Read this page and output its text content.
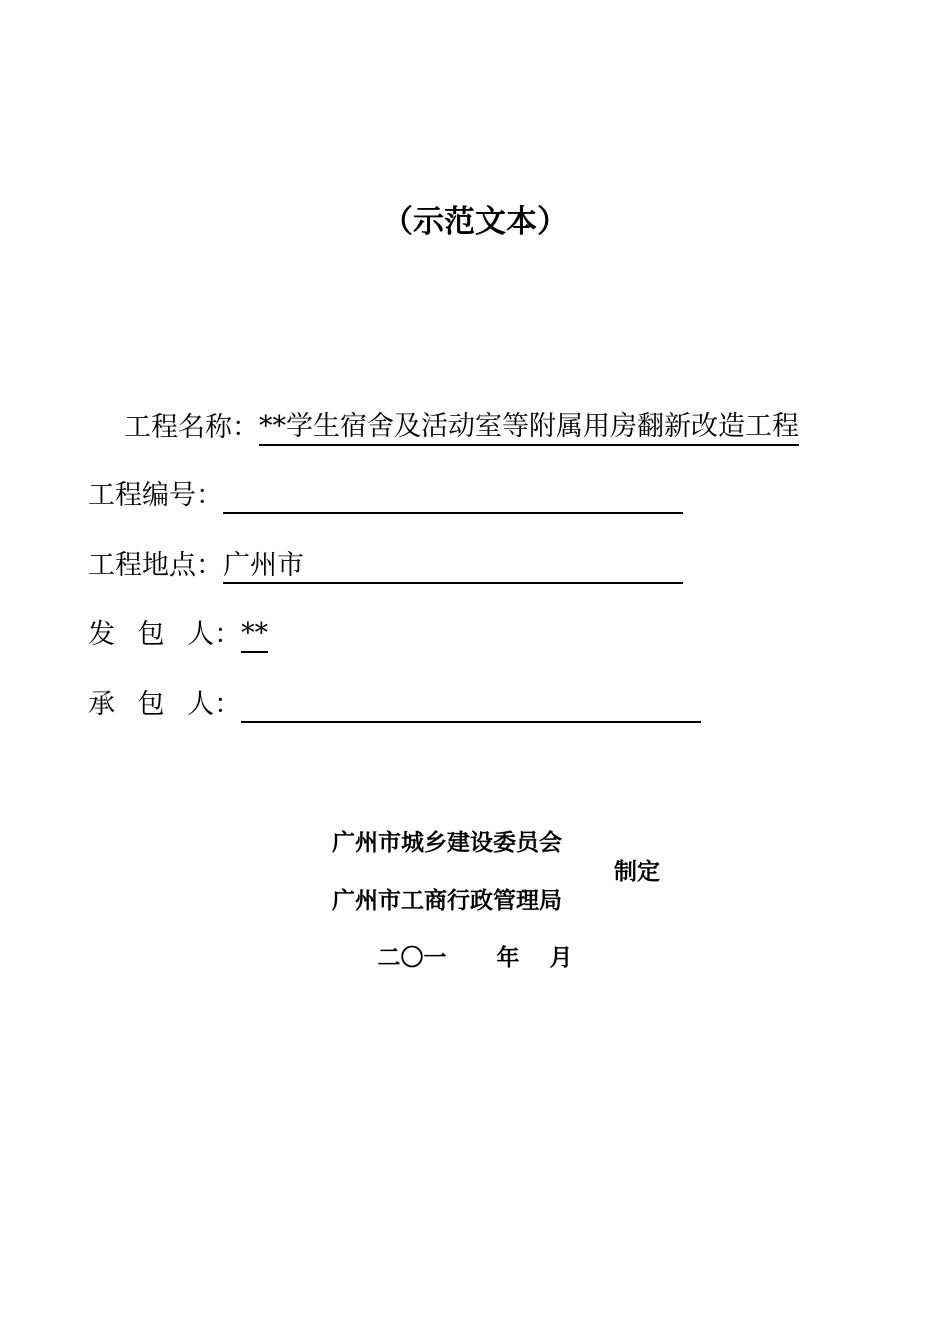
（示范文本）
工程名称：**学生宿舍及活动室等附属用房翻新改造工程
工程编号：
工程地点：广州市
发 包 人：**
承 包 人：
广州市城乡建设委员会
广州市工商行政管理局
制定
二〇一 年 月
